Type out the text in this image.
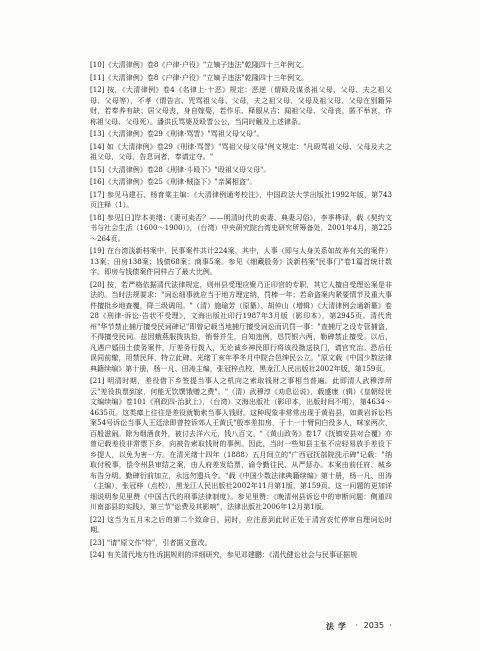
[10]《大清律例》卷8《户律·户役》"立嫡子违法"乾隆四十三年例文。

[11]《大清律例》卷8《户律·户役》"立嫡子违法"乾隆四十三年例文。

[12] 按，《大清律例》卷4《名律上·十恶》规定：恶逆（谓殴及谋杀祖父母、父母、夫之祖父母、父母等），不孝（谓告言、咒骂祖父母、父母，夫之祖父母、父母及祖父母、父母在别籍异财，若奉养有缺；居父母丧，身自嫁娶，若作乐、释服从吉；闻祖父母、父母丧，匿不举哀，诈称祖父母、父母死）。潘洪氏骂婆及殴詈公公，当同时触及上述律条。

[13]《大清律例》卷29《刑律·骂詈》"骂祖父母父母"。

[14] 如《大清律例》卷29《刑律·骂詈》"骂祖父母父母"例文规定："凡殴骂祖父母、父母及夫之祖父母、父母，告息词者，奉请定夺。"

[15]《大清律例》卷28《刑律·斗殴下》"殴祖父母父母"。

[16]《大清律例》卷25《刑律·贼盗下》"亲属相盗"。

[17] 参见马建石、杨育棠主编：《大清律例通考校注》，中国政法大学出版社1992年版，第743页注释（1）。

[18] 参见[日]岸本美绪：《妻可卖否？——明清时代的卖妻、典妻习俗》，李季桦译，载《契约文书与社会生活（1600～1900）》，（台湾）中央研究院台湾史研究所筹备处，2001年4月，第225～264页。

[19] 在台湾淡新档案中，民事案件共计224案，其中，人事（即与人身关系如故养有关的案件）13案；田房138案；钱债68案；商事5案。参见《细藏股务》淡新档案"民事门"卷1篇首统计数字。即房与钱债案件同样占了最大比例。

[20] 按，若严格依据清代法律规定，则州县受理应聚乃正印官的专职，其它人擅自受理讼案是非法的。当时法规要求："词讼细事就应当于地方理定纳，罚棒一年；若命盗案内紧要情节及重大事件擅批乡地查覆，降三级调用。"（清）施瑜芳（原纂）、胡仲山（增辑）《大清律例会通新纂》卷28《刑律·诉讼·告状不受理》，文海出版社印行1987年3月版（影印本），第2945页。清代贵州"华节禁止捕厅擅受民词碑记"即曾记载当地捕厅擅受词讼而讥罚一事："查捕厅之设专管捕盗，不得擅受民词。兹因蛾燕服拨执拾，销誉并生，自知违例，恳罚银六两，勒碑禁止擅受。以后，凡遇户婚田土债务案件，厅差务行拨入，无论诚乡神民即行将该役拗送执门，请官究治。恐后任误同前辙，用禁民拜，特立此碑。光绪丁亥年季冬月中院合邑绅民公立。"原文载《中国少数法律典籍续编》第十册，杨一凡、田涛主编，张冠梓点校，黑龙江人民出版社2002年版，第159页。

[21] 明清时期，差役借下乡签提当事人之机向之索取钱财之事相当普遍。此即清人武穆淳所云"差役执票到家，何能无饮馔饿赠之费"。"（清）武穆淳《劝息讼说》，载盛康（辑）《皇朝经世文编续编》卷101《刑政四·治狱上》，（台湾）文海出版社（影印本，出版时间不明），第4634～4635页。这类瘴上往往是差役就勒索当事人钱财。这种现象非常常出现于黄岩县，如黄岩诉讼档案54号诉讼当事人王廷涂即曾控诉郊人王黄氏"殷率差扣房，于十一十臂同白役多人，咪家两次，百般滋闹。除为烟酒食外，被讨去洋六元，钱八百文。"《黄山政务》卷17《抚镇安县对合覆》亦曾记载差役非常票下乡，向被告索取钱财的事例。因此，当时一些知县主张不应轻易放手差役下乡提人，以免为害一方。在清光绪十四年（1888）五月间立的"广西冠抚部院洗示碑"记载："纳取付税事，偿令州县审结之案，由人府差发给票，谕令勤往民，从严惩办。本案由前任府、城乡布告分明。勤碑衍前加立，永远勿遗兵令。"载《中国少数法律典籍续编》第十册，杨一凡、田涛（主编），张冠梓（点校），黑龙江人民出版社2002年11月第1版，第159页。这一问题的更加详细说明参见里赞《中国古代的刑事法律制度》。参见里赞：《晚清州县诉讼中的审断问题：侧重四川南部县的实践》，第三节"讼费及其影响"，法律出版社2006年12月第1版。

[22] 这当为五月末之后的第二个致命日，同时，应注意到此时正处于清宫农忙停审自理词讼时期。

[23] "请"原文作"侍"，引者据文意改。

[24] 有关清代地方性诉据规则的详细研究，参见邓建鹏：《清代健讼社会与民事证据规

法学 · 2035 ·
